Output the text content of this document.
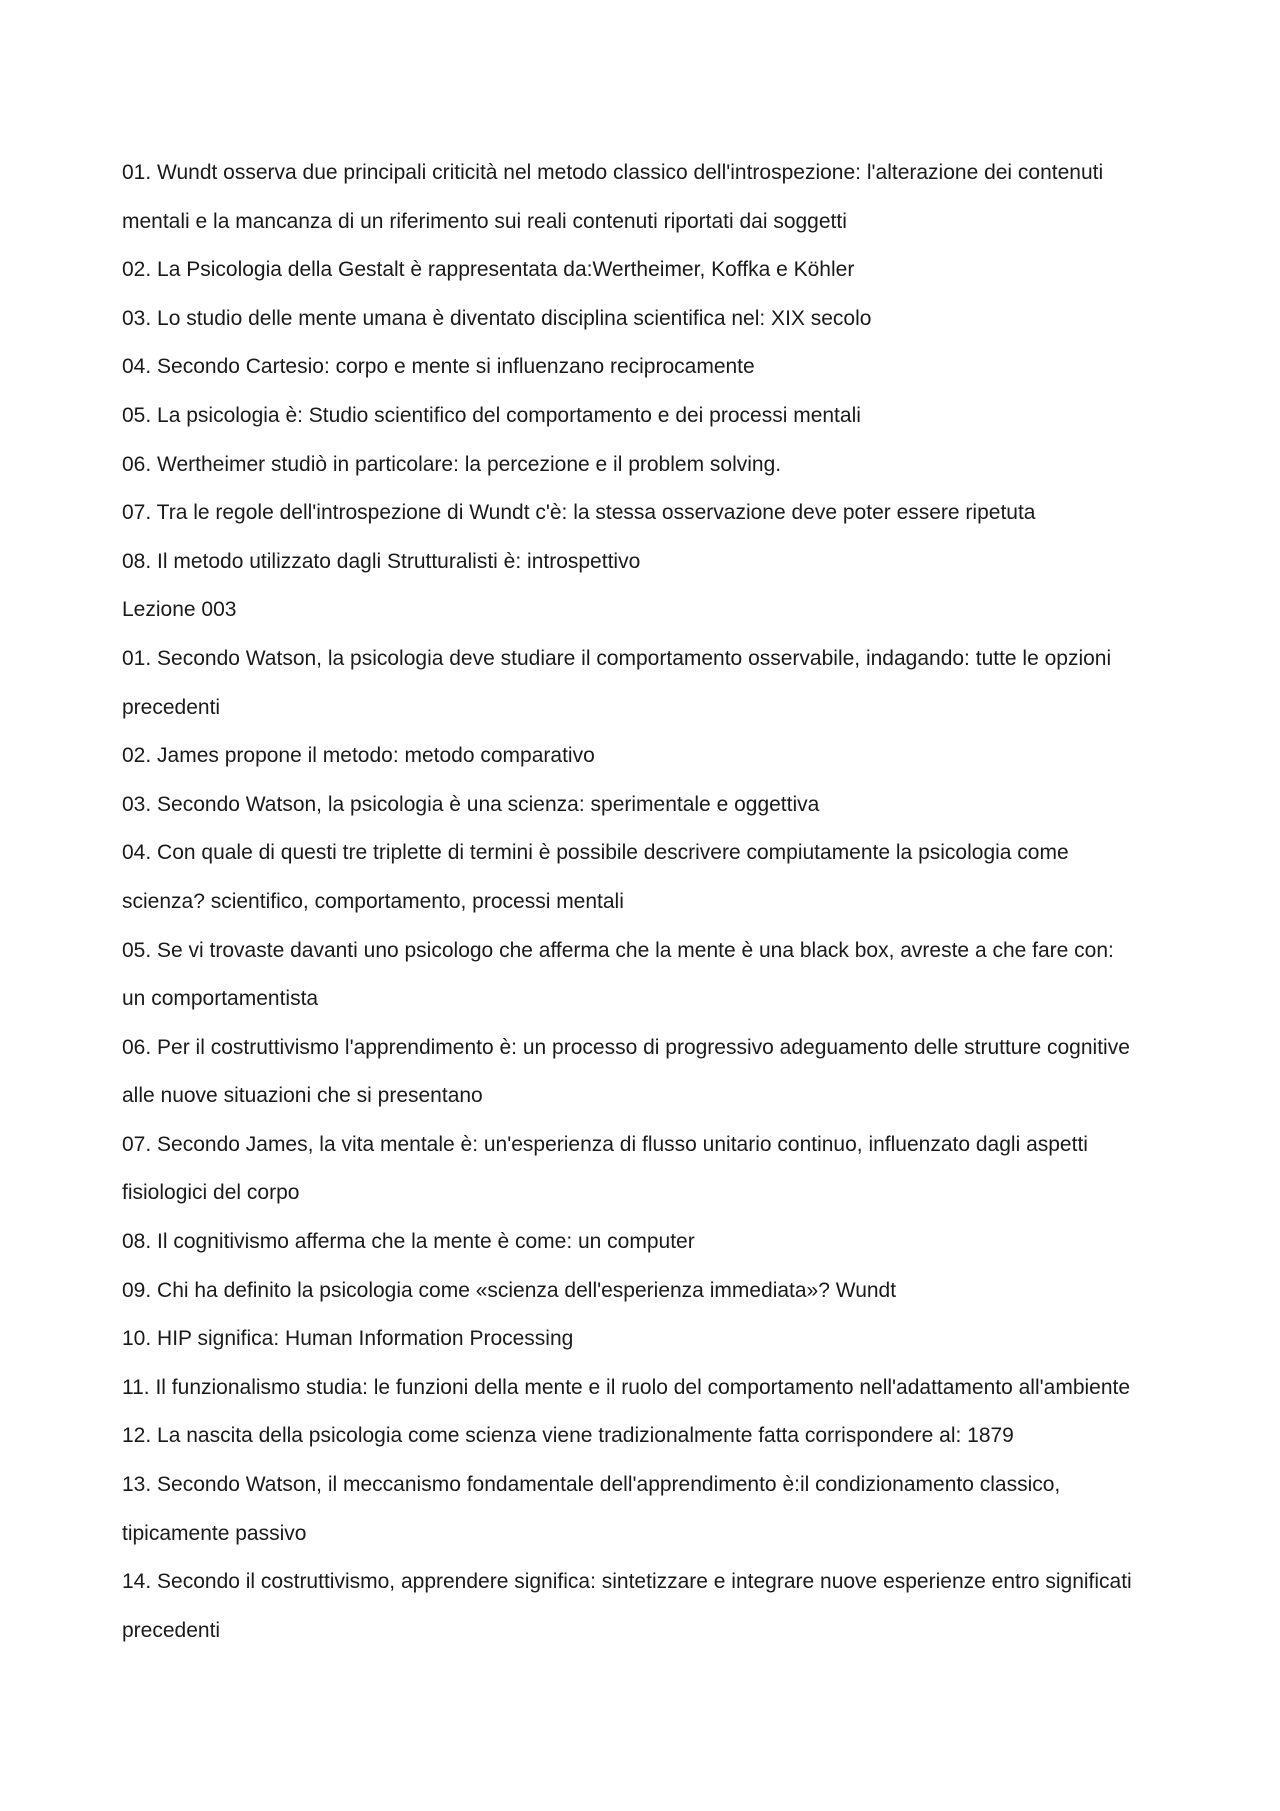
01. Wundt osserva due principali criticità nel metodo classico dell'introspezione: l'alterazione dei contenuti mentali e la mancanza di un riferimento sui reali contenuti riportati dai soggetti

02. La Psicologia della Gestalt è rappresentata da:Wertheimer, Koffka e Köhler

03. Lo studio delle mente umana è diventato disciplina scientifica nel: XIX secolo

04. Secondo Cartesio: corpo e mente si influenzano reciprocamente

05. La psicologia è: Studio scientifico del comportamento e dei processi mentali

06. Wertheimer studiò in particolare: la percezione e il problem solving.

07. Tra le regole dell'introspezione di Wundt c'è: la stessa osservazione deve poter essere ripetuta

08. Il metodo utilizzato dagli Strutturalisti è: introspettivo

Lezione 003

01. Secondo Watson, la psicologia deve studiare il comportamento osservabile, indagando: tutte le opzioni precedenti

02. James propone il metodo: metodo comparativo

03. Secondo Watson, la psicologia è una scienza: sperimentale e oggettiva

04. Con quale di questi tre triplette di termini è possibile descrivere compiutamente la psicologia come scienza? scientifico, comportamento, processi mentali

05. Se vi trovaste davanti uno psicologo che afferma che la mente è una black box, avreste a che fare con: un comportamentista

06. Per il costruttivismo l'apprendimento è: un processo di progressivo adeguamento delle strutture cognitive alle nuove situazioni che si presentano

07. Secondo James, la vita mentale è: un'esperienza di flusso unitario continuo, influenzato dagli aspetti fisiologici del corpo

08. Il cognitivismo afferma che la mente è come: un computer

09. Chi ha definito la psicologia come «scienza dell'esperienza immediata»? Wundt

10. HIP significa: Human Information Processing

11. Il funzionalismo studia: le funzioni della mente e il ruolo del comportamento nell'adattamento all'ambiente

12. La nascita della psicologia come scienza viene tradizionalmente fatta corrispondere al: 1879

13. Secondo Watson, il meccanismo fondamentale dell'apprendimento è:il condizionamento classico, tipicamente passivo

14. Secondo il costruttivismo, apprendere significa: sintetizzare e integrare nuove esperienze entro significati precedenti
